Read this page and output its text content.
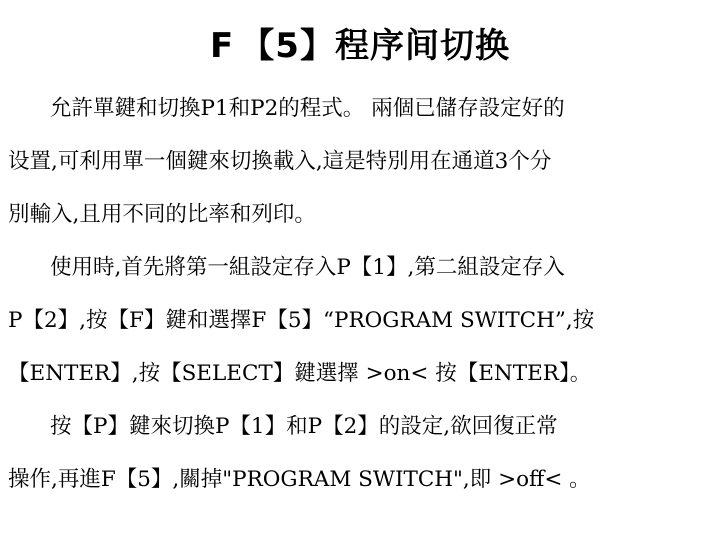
F 【5】程序间切换
允許單鍵和切換P1和P2的程式。 兩個已儲存設定好的
设置,可利用單一個鍵來切換載入,這是特別用在通道3个分
別輸入,且用不同的比率和列印。
使用時,首先將第一組設定存入P【1】,第二組設定存入
P【2】,按【F】鍵和選擇F【5】“PROGRAM SWITCH”,按
【ENTER】,按【SELECT】鍵選擇 >on< 按【ENTER】。
按【P】鍵來切換P【1】和P【2】的設定,欲回復正常
操作,再進F【5】,關掉"PROGRAM SWITCH",即 >off< 。
